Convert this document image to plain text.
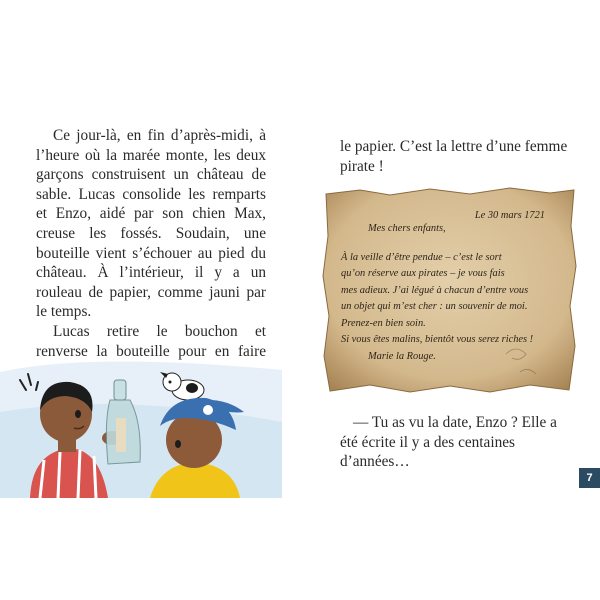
Ce jour-là, en fin d’après-midi, à l’heure où la marée monte, les deux garçons construisent un château de sable. Lucas consolide les remparts et Enzo, aidé par son chien Max, creuse les fossés. Soudain, une bouteille vient s’échouer au pied du château. À l’intérieur, il y a un rouleau de papier, comme jauni par le temps.

Lucas retire le bouchon et renverse la bouteille pour en faire

le papier. C’est la lettre d’une femme pirate !

Le 30 mars 1721
Mes chers enfants,
À la veille d’être pendue – c’est le sort
qu’on réserve aux pirates – je vous fais
mes adieux. J’ai légué à chacun d’entre vous
un objet qui m’est cher : un souvenir de moi.
Prenez-en bien soin.
Si vous êtes malins, bientôt vous serez riches !
Marie la Rouge.

— Tu as vu la date, Enzo ? Elle a été écrite il y a des centaines d’années…

7
